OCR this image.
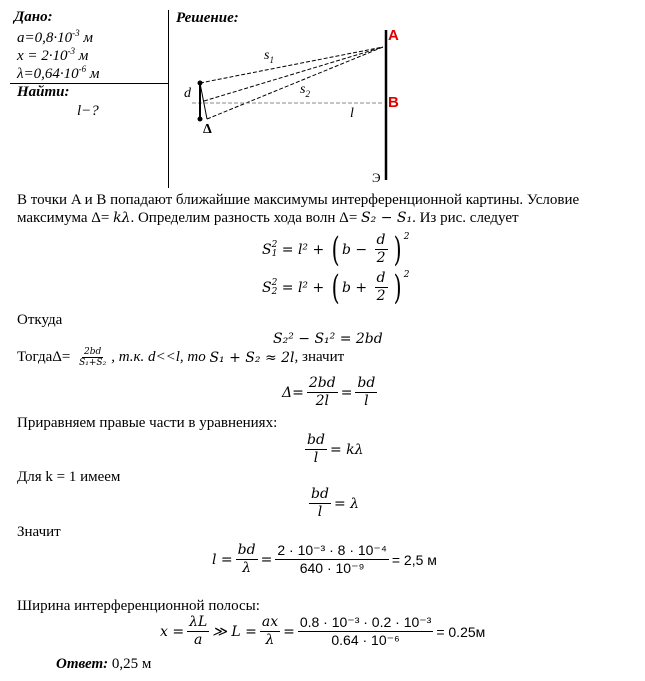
Дано:
$a=0,8\cdot 10^{-3}$ м
$x = 2\cdot 10^{-3}$ м
$\lambda=0,64\cdot 10^{-6}$ м
Найти:
l−?
Решение:
$s_1$
$s_2$
d
l
Δ
Э
A
B
В точки A и B попадают ближайшие максимумы интерференционной картины. Условие
максимума Δ= kλ. Определим разность хода волн Δ= S₂ − S₁. Из рис. следует
S 2
1 = l² + ( $b - \frac{d}{2}$ ) $^2$
S 2
2 = l² + ( $b + \frac{d}{2}$ ) $^2$
Откуда
S₂² − S₁² = 2bd
ТогдаΔ= $\frac{2bd}{\text{S₁+S₂}}$ , т.к. d<<l, то S₁ + S₂ ≈ 2l , значит
$\Delta= \frac{2bd}{2l} = \frac{bd}{l}$
Приравняем правые части в уравнениях:
$\frac{bd}{l} = k\lambda$
Для k = 1 имеем
$\frac{bd}{l} = \lambda$
Значит
$l = \frac{bd}{\lambda} = \frac{\text{2 · 10⁻³ · 8 · 10⁻⁴}}{\text{640 · 10⁻⁹}} = 2,5$ м
Ширина интерференционной полосы:
$x = \frac{\lambda L}{a}$ ≫ $L = \frac{ax}{\lambda} = \frac{\text{0.8 · 10⁻³ · 0.2 · 10⁻³}}{\text{0.64 · 10⁻⁶}} = 0.25м$
Ответ: 0,25 м
